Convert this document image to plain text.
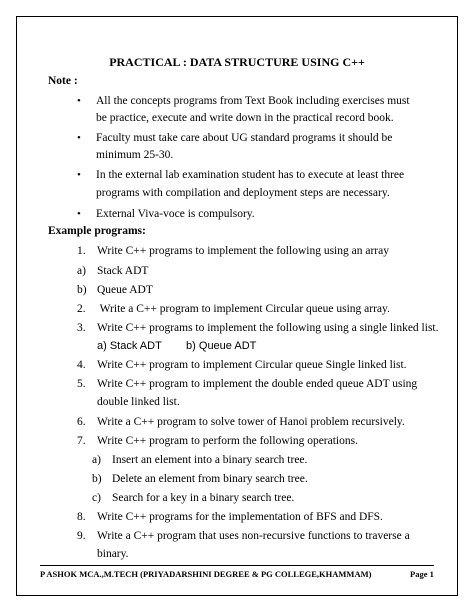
PRACTICAL : DATA STRUCTURE USING C++
Note :
• All the concepts programs from Text Book including exercises must
be practice, execute and write down in the practical record book.
• Faculty must take care about UG standard programs it should be
minimum 25-30.
• In the external lab examination student has to execute at least three
programs with compilation and deployment steps are necessary.
• External Viva-voce is compulsory.
Example programs:
1. Write C++ programs to implement the following using an array
a) Stack ADT
b) Queue ADT
2. Write a C++ program to implement Circular queue using array.
3. Write C++ programs to implement the following using a single linked list.
a) Stack ADT        b) Queue ADT
4. Write C++ program to implement Circular queue Single linked list.
5. Write C++ program to implement the double ended queue ADT using
double linked list.
6. Write a C++ program to solve tower of Hanoi problem recursively.
7. Write C++ program to perform the following operations.
a) Insert an element into a binary search tree.
b) Delete an element from binary search tree.
c) Search for a key in a binary search tree.
8. Write C++ programs for the implementation of BFS and DFS.
9. Write a C++ program that uses non-recursive functions to traverse a
binary.
P ASHOK MCA.,M.TECH (PRIYADARSHINI DEGREE & PG COLLEGE,KHAMMAM)	Page 1
